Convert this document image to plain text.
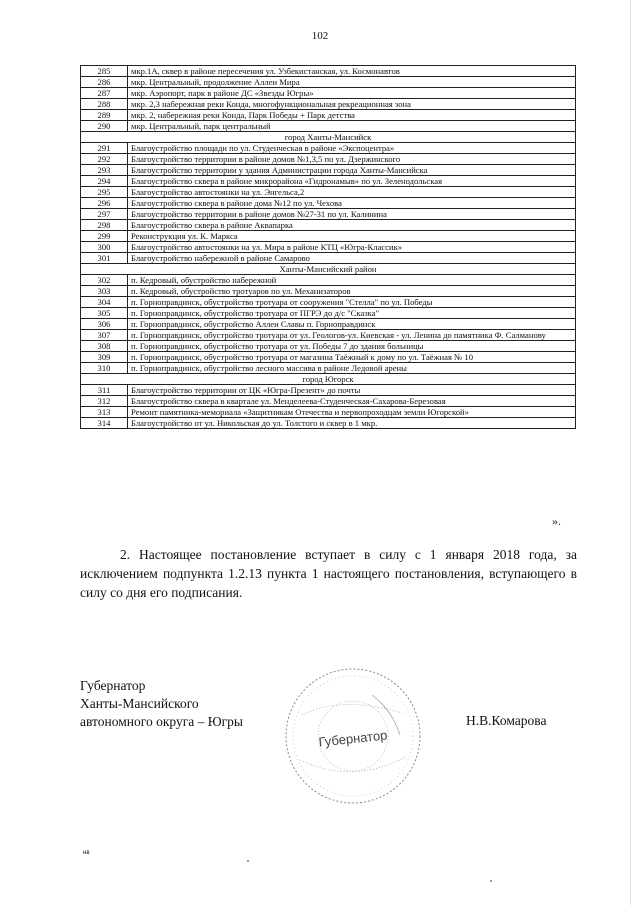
102
285	мкр.1А, сквер в районе пересечения ул. Узбекистанская, ул. Космонавтов
286	мкр. Центральный, продолжение Аллеи Мира
287	мкр. Аэропорт, парк в районе ДС «Звезды Югры»
288	мкр. 2,3 набережная реки Конда, многофункциональная рекреационная зона
289	мкр. 2, набережная реки Конда, Парк Победы + Парк детства
290	мкр. Центральный, парк центральный
город Ханты-Мансийск	
291	Благоустройство площади по ул. Студенческая в районе «Экспоцентра»
292	Благоустройство территории в районе домов №1,3,5 по ул. Дзержинского
293	Благоустройство территории у здания Администрации города Ханты-Мансийска
294	Благоустройство сквера в районе микрорайона «Гидронамыв» по ул. Зеленодольская
295	Благоустройство автостоянки на ул. Энгельса,2
296	Благоустройство сквера в районе дома №12 по ул. Чехова
297	Благоустройство территории в районе домов №27-31 по ул. Калинина
298	Благоустройство сквера в районе Аквапарка
299	Реконструкция ул. К. Маркса
300	Благоустройство автостоянки на ул. Мира в районе КТЦ «Югра-Классик»
301	Благоустройство набережной в районе Самарово
Ханты-Мансийский район	
302	п. Кедровый, обустройство набережной
303	п. Кедровый, обустройство тротуаров по ул. Механизаторов
304	п. Горноправдинск, обустройство тротуара от сооружения "Стелла" по ул. Победы
305	п. Горноправдинск, обустройство тротуара от ПГРЭ до д/с "Сказка"
306	п. Горноправдинск, обустройство Аллеи Славы п. Горноправдинск
307	п. Горноправдинск, обустройство тротуара от ул. Геологов-ул. Киевская - ул. Ленина до памятника Ф. Салманову
308	п. Горноправдинск, обустройство тротуара от ул. Победы 7 до здания больницы
309	п. Горноправдинск, обустройство тротуара от магазина Таёжный к дому по ул. Таёжная № 10
310	п. Горноправдинск, обустройство лесного массива в районе Ледовой арены
город Югорск	
311	Благоустройство территории от ЦК «Югра-Презент» до почты
312	Благоустройство сквера в квартале ул. Менделеева-Студенческая-Сахарова-Березовая
313	Ремонт памятника-мемориала «Защитникам Отечества и первопроходцам земли Югорской»
314	Благоустройство от ул. Никольская до ул. Толстого и сквер в 1 мкр.
».
2. Настоящее постановление вступает в силу с 1 января 2018 года, за исключением подпункта 1.2.13 пункта 1 настоящего постановления, вступающего в силу со дня его подписания.
Губернатор
Ханты-Мансийского
автономного округа – Югры
Губернатор
Н.В.Комарова
нв
